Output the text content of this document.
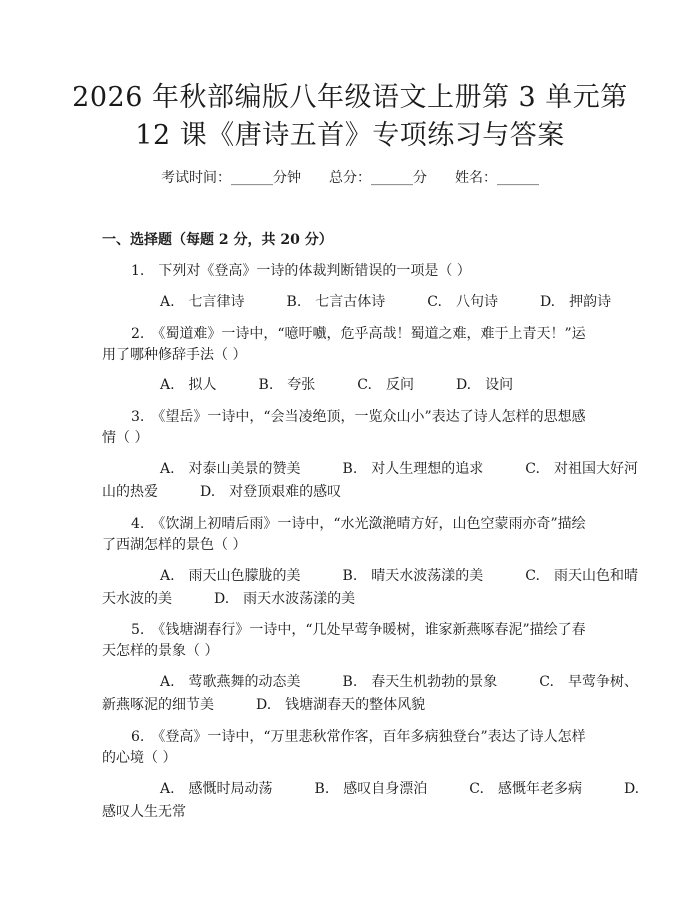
2026 年秋部编版八年级语文上册第 3 单元第
12 课《唐诗五首》专项练习与答案
考试时间：______分钟 总分：______分 姓名：______
一、选择题（每题 2 分，共 20 分）
1.　下列对《登高》一诗的体裁判断错误的一项是（ ）
A.　七言律诗　　　B.　七言古体诗　　　C.　八句诗　　　D.　押韵诗
2.　《蜀道难》一诗中，“噫吁嚱，危乎高哉！蜀道之难，难于上青天！”运
用了哪种修辞手法（ ）
A.　拟人　　　B.　夸张　　　C.　反问　　　D.　设问
3.　《望岳》一诗中，“会当凌绝顶，一览众山小”表达了诗人怎样的思想感
情（ ）
A.　对泰山美景的赞美　　　B.　对人生理想的追求　　　C.　对祖国大好河
山的热爱　　　D.　对登顶艰难的感叹
4.　《饮湖上初晴后雨》一诗中，“水光潋滟晴方好，山色空蒙雨亦奇”描绘
了西湖怎样的景色（ ）
A.　雨天山色朦胧的美　　　B.　晴天水波荡漾的美　　　C.　雨天山色和晴
天水波的美　　　D.　雨天水波荡漾的美
5.　《钱塘湖春行》一诗中，“几处早莺争暖树，谁家新燕啄春泥”描绘了春
天怎样的景象（ ）
A.　莺歌燕舞的动态美　　　B.　春天生机勃勃的景象　　　C.　早莺争树、
新燕啄泥的细节美　　　D.　钱塘湖春天的整体风貌
6.　《登高》一诗中，“万里悲秋常作客，百年多病独登台”表达了诗人怎样
的心境（ ）
A.　感慨时局动荡　　　B.　感叹自身漂泊　　　C.　感慨年老多病　　　D.
感叹人生无常
